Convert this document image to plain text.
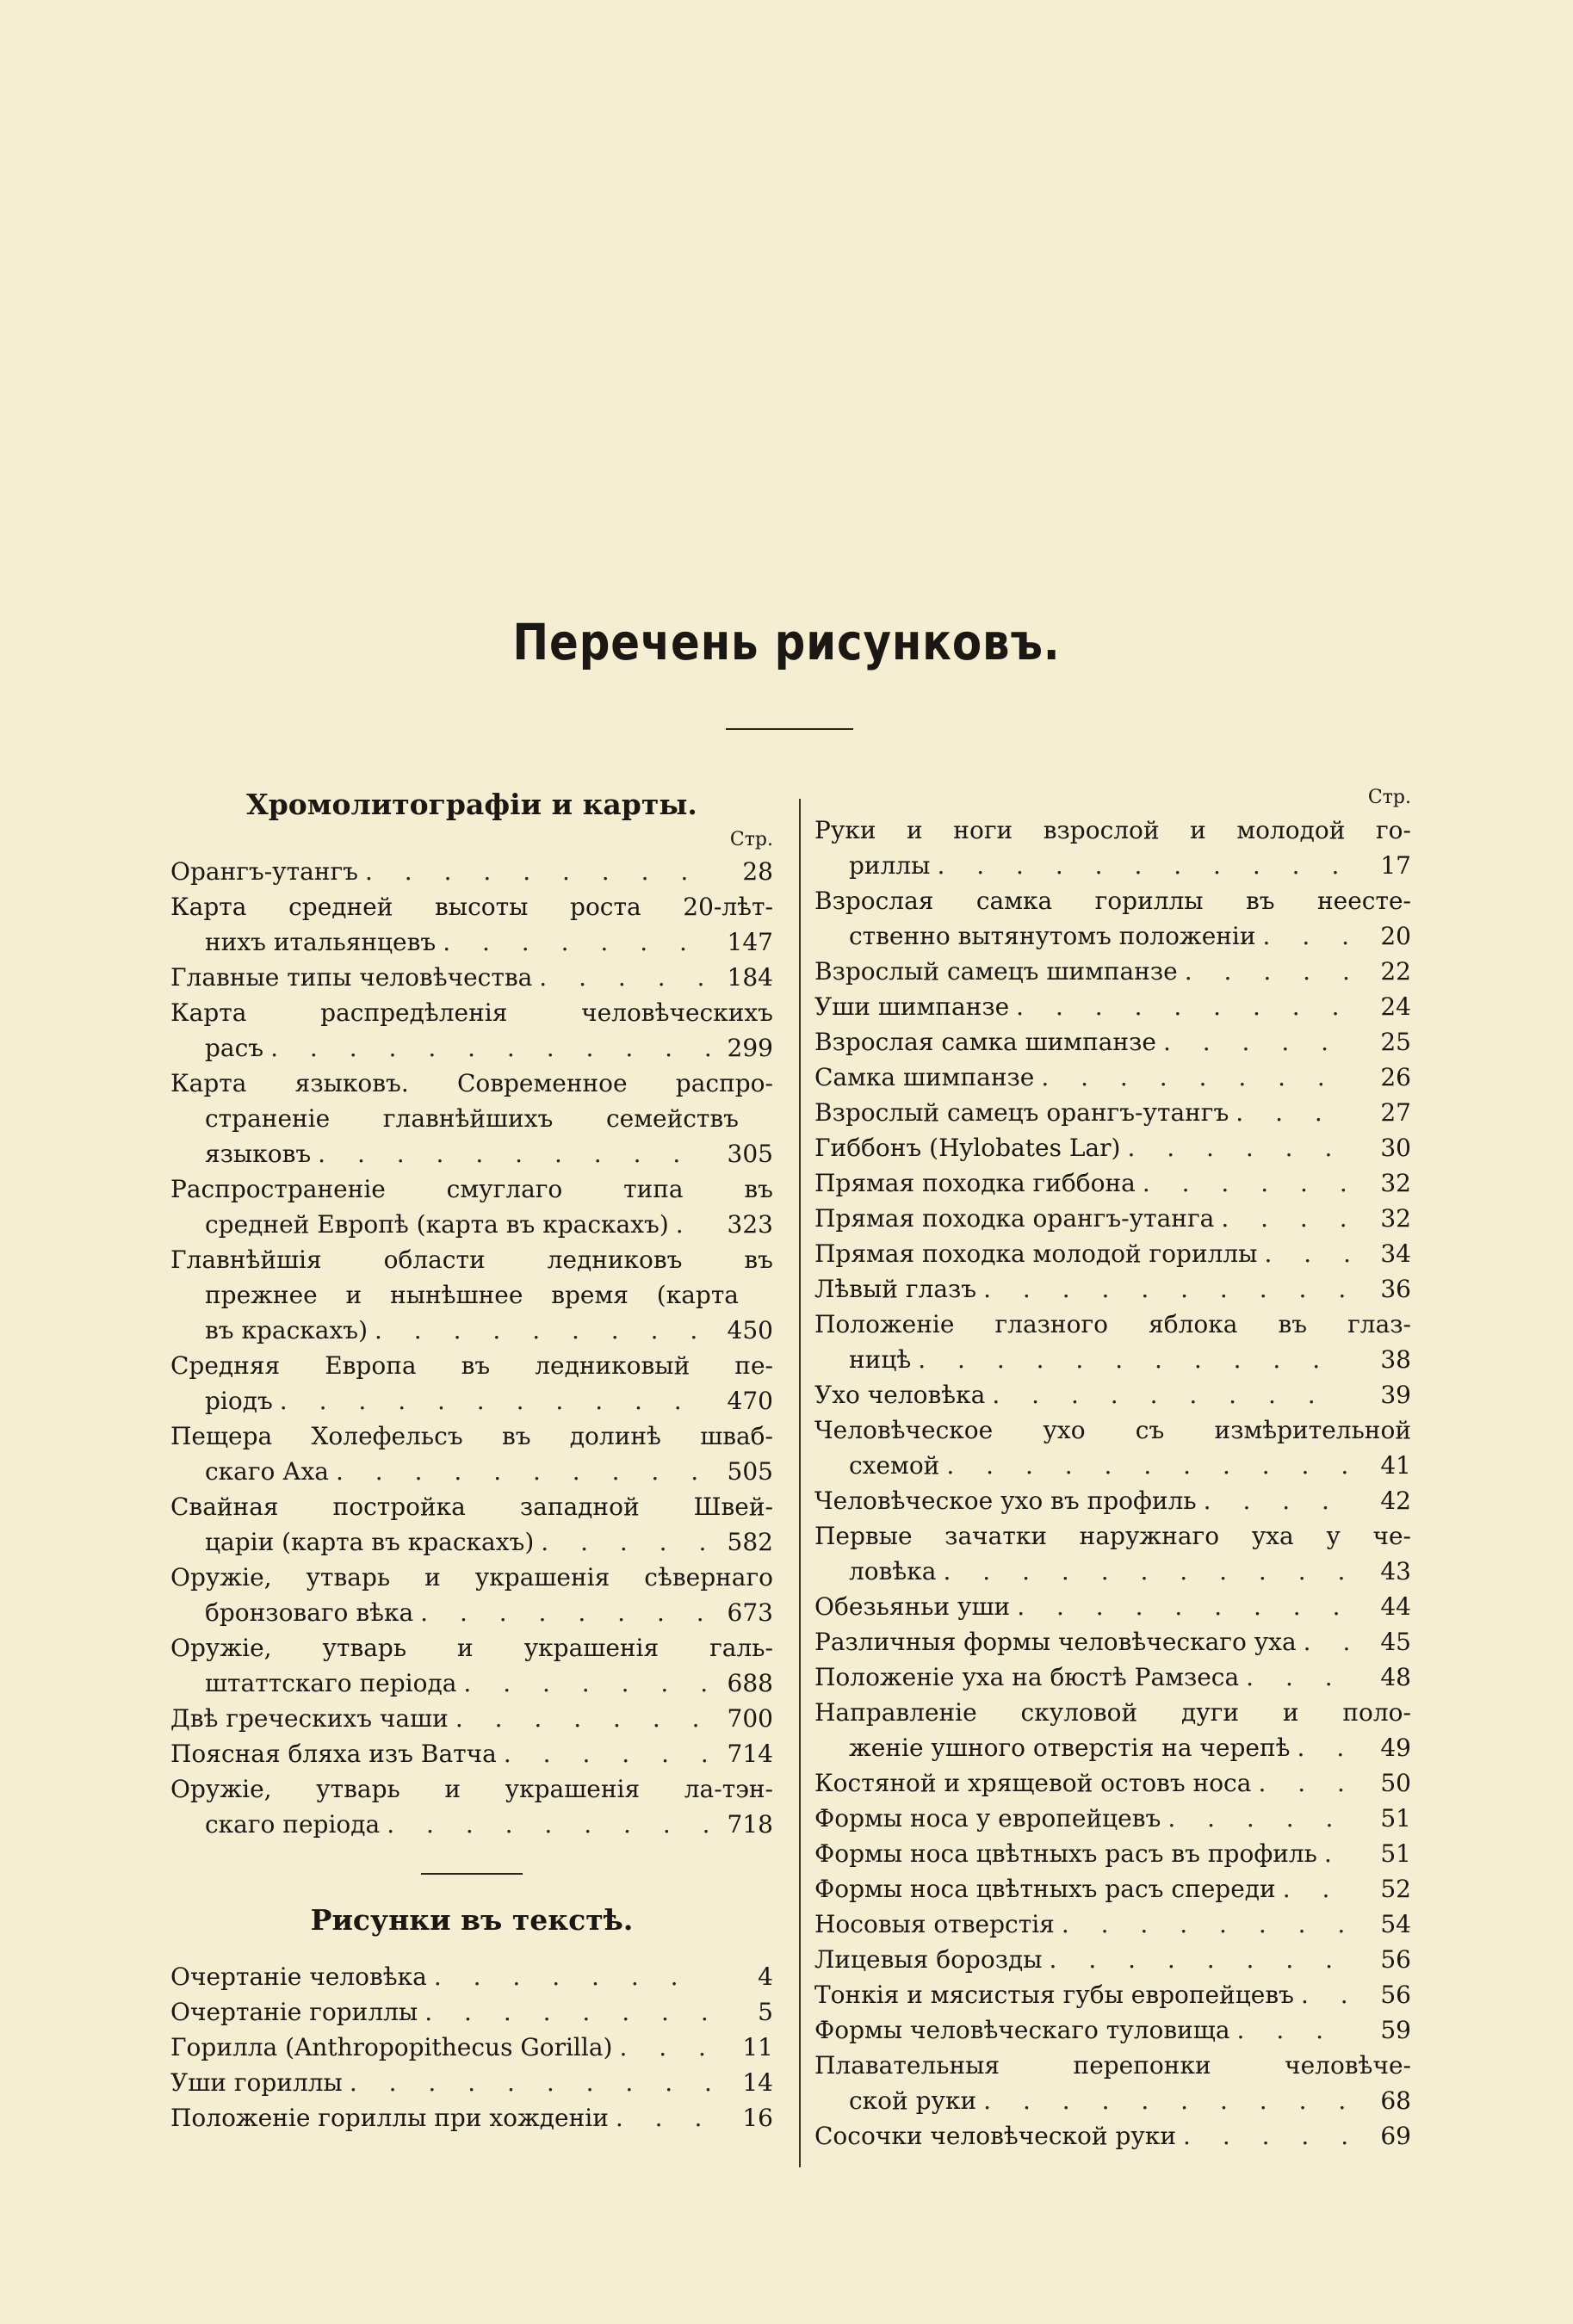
Перечень рисунковъ.
Хромолитографіи и карты.
Стр.
Орангъ-утангъ . . .	28
Карта средней высоты роста 20-лѣт-
нихъ итальянцевъ . . .	147
Главные типы человѣчества . . .	184
Карта распредѣленія человѣческихъ
расъ . . .	299
Карта языковъ. Современное распро-
страненіе главнѣйшихъ семействъ
языковъ . . .	305
Распространеніе смуглаго типа въ
средней Европѣ (карта въ краскахъ) . . .	323
Главнѣйшія области ледниковъ въ
прежнее и нынѣшнее время (карта
въ краскахъ) . . .	450
Средняя Европа въ ледниковый пе-
ріодъ . . .	470
Пещера Холефельсъ въ долинѣ шваб-
скаго Аха . . .	505
Свайная постройка западной Швей-
царіи (карта въ краскахъ) . . .	582
Оружіе, утварь и украшенія сѣвернаго
бронзоваго вѣка . . .	673
Оружіе, утварь и украшенія галь-
штаттскаго періода . . .	688
Двѣ греческихъ чаши . . .	700
Поясная бляха изъ Ватча . . .	714
Оружіе, утварь и украшенія ла-тэн-
скаго періода . . .	718
Рисунки въ текстѣ.
Очертаніе человѣка . . .	4
Очертаніе гориллы . . .	5
Горилла (Anthropopithecus Gorilla) . . .	11
Уши гориллы . . .	14
Положеніе гориллы при хожденіи . . .	16
Стр.
Руки и ноги взрослой и молодой го-
риллы . . .	17
Взрослая самка гориллы въ неесте-
ственно вытянутомъ положеніи . . .	20
Взрослый самецъ шимпанзе . . .	22
Уши шимпанзе . . .	24
Взрослая самка шимпанзе . . .	25
Самка шимпанзе . . .	26
Взрослый самецъ орангъ-утангъ . . .	27
Гиббонъ (Hylobates Lar) . . .	30
Прямая походка гиббона . . .	32
Прямая походка орангъ-утанга . . .	32
Прямая походка молодой гориллы . . .	34
Лѣвый глазъ . . .	36
Положеніе глазного яблока въ глаз-
ницѣ . . .	38
Ухо человѣка . . .	39
Человѣческое ухо съ измѣрительной
схемой . . .	41
Человѣческое ухо въ профиль . . .	42
Первые зачатки наружнаго уха у че-
ловѣка . . .	43
Обезьяньи уши . . .	44
Различныя формы человѣческаго уха . . .	45
Положеніе уха на бюстѣ Рамзеса . . .	48
Направленіе скуловой дуги и поло-
женіе ушного отверстія на черепѣ . . .	49
Костяной и хрящевой остовъ носа . . .	50
Формы носа у европейцевъ . . .	51
Формы носа цвѣтныхъ расъ въ профиль . . .	51
Формы носа цвѣтныхъ расъ спереди . . .	52
Носовыя отверстія . . .	54
Лицевыя борозды . . .	56
Тонкія и мясистыя губы европейцевъ . . .	56
Формы человѣческаго туловища . . .	59
Плавательныя перепонки человѣче-
ской руки . . .	68
Сосочки человѣческой руки . . .	69
